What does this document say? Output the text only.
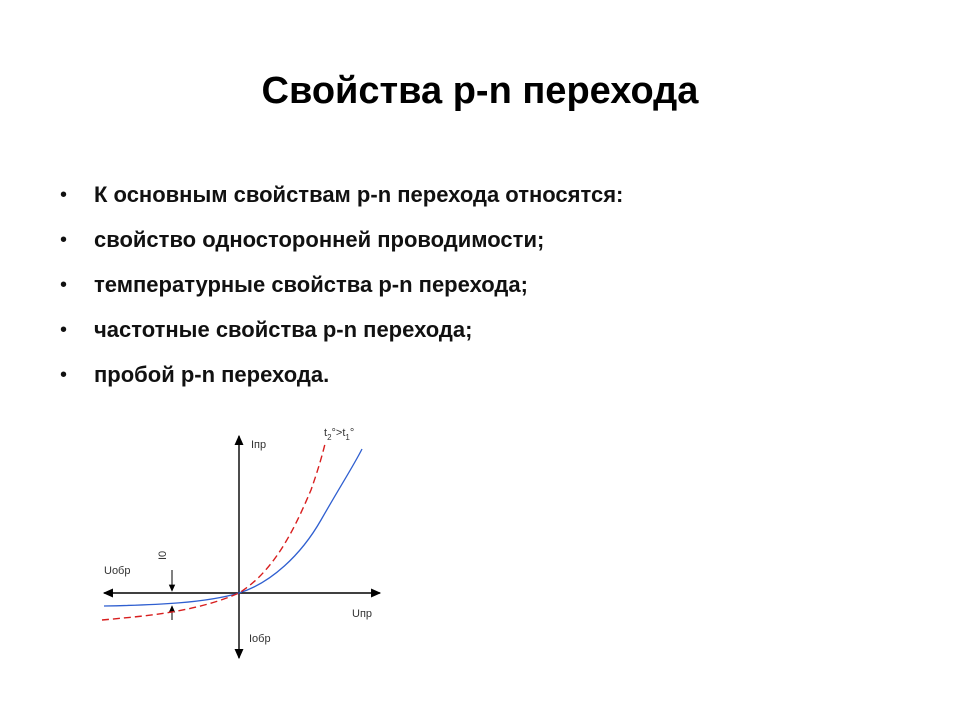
Свойства p-n перехода
• К основным свойствам p-n перехода относятся:
• свойство односторонней проводимости;
• температурные свойства p-n перехода;
• частотные свойства p-n перехода;
• пробой p-n перехода.
Iпр
Iобр
Uпр
Uобр
I0
$t_2^\circ>t_1^\circ$
